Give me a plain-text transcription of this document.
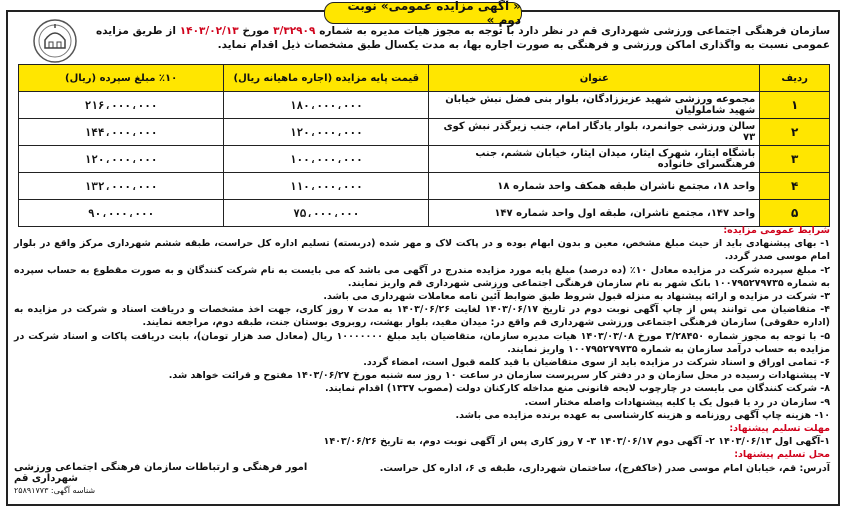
« آگهی مزایده عمومی» نوبت دوم »
سازمان فرهنگی اجتماعی ورزشی شهرداری قم در نظر دارد با توجه به مجوز هیات مدیره به شماره ۳/۳۲۹۰۹ مورخ ۱۴۰۳/۰۲/۱۳ از طریق مزایده عمومی نسبت به واگذاری اماکن ورزشی و فرهنگی به صورت اجاره بها، به مدت یکسال طبق مشخصات ذیل اقدام نماید.
ردیف	عنوان	قیمت پایه مزایده (اجاره ماهیانه ریال)	٪۱۰ مبلغ سپرده (ریال)
۱	مجموعه ورزشی شهید عزیززادگان، بلوار بنی فضل نبش خیابان شهید شاملولیان	۱۸۰،۰۰۰،۰۰۰	۲۱۶،۰۰۰،۰۰۰
۲	سالن ورزشی جوانمرد، بلوار یادگار امام، جنب زیرگذر نبش کوی ۷۳	۱۲۰،۰۰۰،۰۰۰	۱۴۴،۰۰۰،۰۰۰
۳	باشگاه ایثار، شهرک ایثار، میدان ایثار، خیابان ششم، جنب فرهنگسرای خانواده	۱۰۰،۰۰۰،۰۰۰	۱۲۰،۰۰۰،۰۰۰
۴	واحد ۱۸، مجتمع ناشران طبقه همکف واحد شماره ۱۸	۱۱۰،۰۰۰،۰۰۰	۱۳۲،۰۰۰،۰۰۰
۵	واحد ۱۴۷، مجتمع ناشران، طبقه اول واحد شماره ۱۴۷	۷۵،۰۰۰،۰۰۰	۹۰،۰۰۰،۰۰۰

شرایط عمومی مزایده:

۱- بهای پیشنهادی باید از حیث مبلغ مشخص، معین و بدون ابهام بوده و در پاکت لاک و مهر شده (دربسته) تسلیم اداره کل حراست، طبقه ششم شهرداری مرکز واقع در بلوار امام موسی صدر گردد.

۲- مبلغ سپرده شرکت در مزایده معادل ۱۰٪ (ده درصد) مبلغ پایه مورد مزایده مندرج در آگهی می باشد که می بایست به نام شرکت کنندگان و به صورت مقطوع به حساب سپرده به شماره ۱۰۰۷۹۵۲۷۹۷۳۵ بانک شهر به نام سازمان فرهنگی اجتماعی ورزشی شهرداری قم واریز نمایند.

۳- شرکت در مزایده و ارائه پیشنهاد به منزله قبول شروط طبق ضوابط آئین نامه معاملات شهرداری می باشد.

۴- متقاضیان می توانند پس از چاپ آگهی نوبت دوم در تاریخ ۱۴۰۳/۰۶/۱۷ لغایت ۱۴۰۳/۰۶/۲۶ به مدت ۷ روز کاری، جهت اخذ مشخصات و دریافت اسناد و شرکت در مزایده به (اداره حقوقی) سازمان فرهنگی اجتماعی ورزشی شهرداری قم واقع در: میدان مفید، بلوار بهشت، روبروی بوستان جنت، طبقه دوم، مراجعه نمایند.

۵- با توجه به مجوز شماره ۳/۲۸۴۵۰ مورخ ۱۴۰۳/۰۳/۰۸ هیات مدیره سازمان، متقاضیان باید مبلغ ۱۰۰۰۰۰۰۰ ریال (معادل صد هزار تومان)، بابت دریافت پاکات و اسناد شرکت در مزایده به حساب درآمد سازمان به شماره ۱۰۰۷۹۵۲۷۹۷۳۵ واریز نمایند.

۶- تمامی اوراق و اسناد شرکت در مزایده باید از سوی متقاضیان با قید کلمه قبول است، امضاء گردد.

۷- پیشنهادات رسیده در محل سازمان و در دفتر کار سرپرست سازمان در ساعت ۱۰ روز سه شنبه مورخ ۱۴۰۳/۰۶/۲۷ مفتوح و قرائت خواهد شد.

۸- شرکت کنندگان می بایست در چارچوب لایحه قانونی منع مداخله کارکنان دولت (مصوب ۱۳۳۷) اقدام نمایند.

۹- سازمان در رد یا قبول یک یا کلیه پیشنهادات واصله مختار است.

۱۰- هزینه چاپ آگهی روزنامه و هزینه کارشناسی به عهده برنده مزایده می باشد.

مهلت تسلیم پیشنهاد:

۱-آگهی اول ۱۴۰۳/۰۶/۱۳ ۲- آگهی دوم ۱۴۰۳/۰۶/۱۷ ۳- ۷ روز کاری پس از آگهی نوبت دوم، به تاریخ ۱۴۰۳/۰۶/۲۶

محل تسلیم پیشنهاد:

آدرس: قم، خیابان امام موسی صدر (خاکفرج)، ساختمان شهرداری، طبقه ی ۶، اداره کل حراست.

امور فرهنگی و ارتباطات سازمان فرهنگی اجتماعی ورزشی شهرداری قم
شناسه آگهی: ۲۵۸۹۱۷۷۳
